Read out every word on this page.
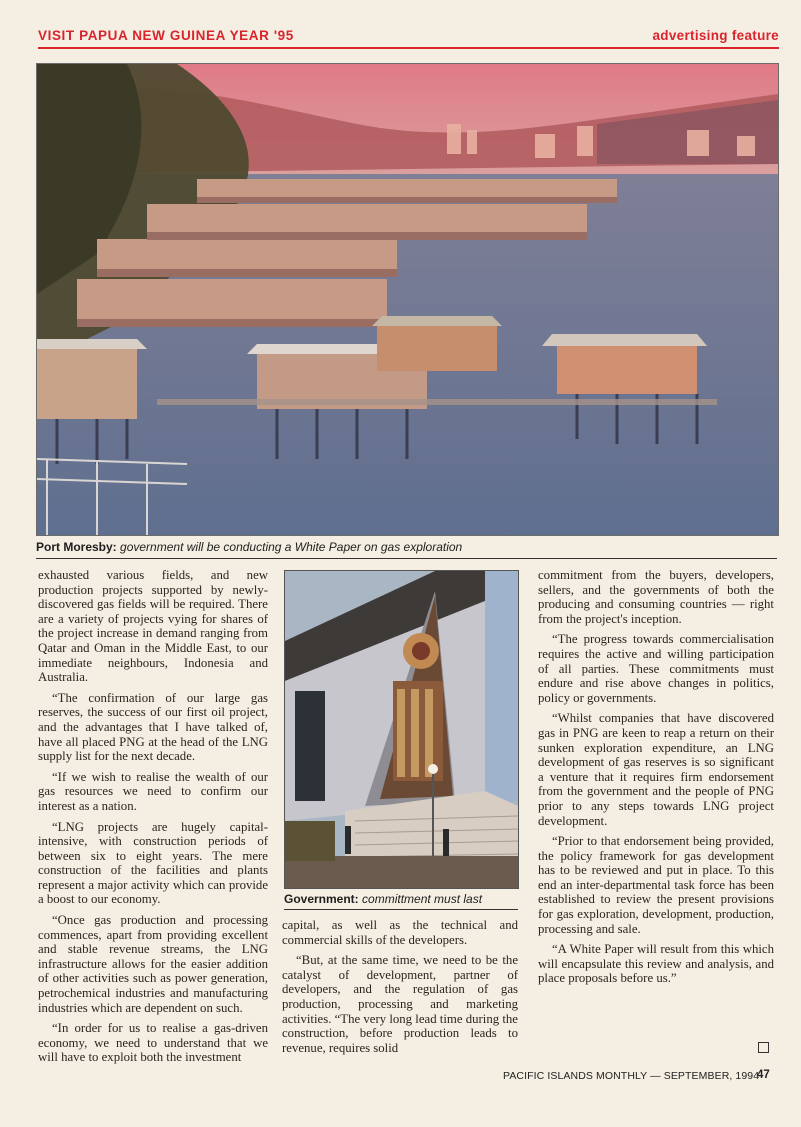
VISIT PAPUA NEW GUINEA YEAR '95	advertising feature
Port Moresby: government will be conducting a White Paper on gas exploration

exhausted various fields, and new production projects supported by newly-discovered gas fields will be required. There are a variety of projects vying for shares of the project increase in demand ranging from Qatar and Oman in the Middle East, to our immediate neighbours, Indonesia and Australia.

“The confirmation of our large gas reserves, the success of our first oil project, and the advantages that I have talked of, have all placed PNG at the head of the LNG supply list for the next decade.

“If we wish to realise the wealth of our gas resources we need to confirm our interest as a nation.

“LNG projects are hugely capital-intensive, with construction periods of between six to eight years. The mere construction of the facilities and plants represent a major activity which can provide a boost to our economy.

“Once gas production and processing commences, apart from providing excellent and stable revenue streams, the LNG infrastructure allows for the easier addition of other activities such as power generation, petrochemical industries and manufacturing industries which are dependent on such.

“In order for us to realise a gas-driven economy, we need to understand that we will have to exploit both the investment

Government: committment must last

capital, as well as the technical and commercial skills of the developers.

“But, at the same time, we need to be the catalyst of development, partner of developers, and the regulation of gas production, processing and marketing activities. “The very long lead time during the construction, before production leads to revenue, requires solid

commitment from the buyers, developers, sellers, and the governments of both the producing and consuming countries — right from the project's inception.

“The progress towards commercialisation requires the active and willing participation of all parties. These commitments must endure and rise above changes in politics, policy or governments.

“Whilst companies that have discovered gas in PNG are keen to reap a return on their sunken exploration expenditure, an LNG development of gas reserves is so significant a venture that it requires firm endorsement from the government and the people of PNG prior to any steps towards LNG project development.

“Prior to that endorsement being provided, the policy framework for gas development has to be reviewed and put in place. To this end an inter-departmental task force has been established to review the present provisions for gas exploration, development, production, processing and sale.

“A White Paper will result from this which will encapsulate this review and analysis, and place proposals before us.”

PACIFIC ISLANDS MONTHLY — SEPTEMBER, 1994
47
